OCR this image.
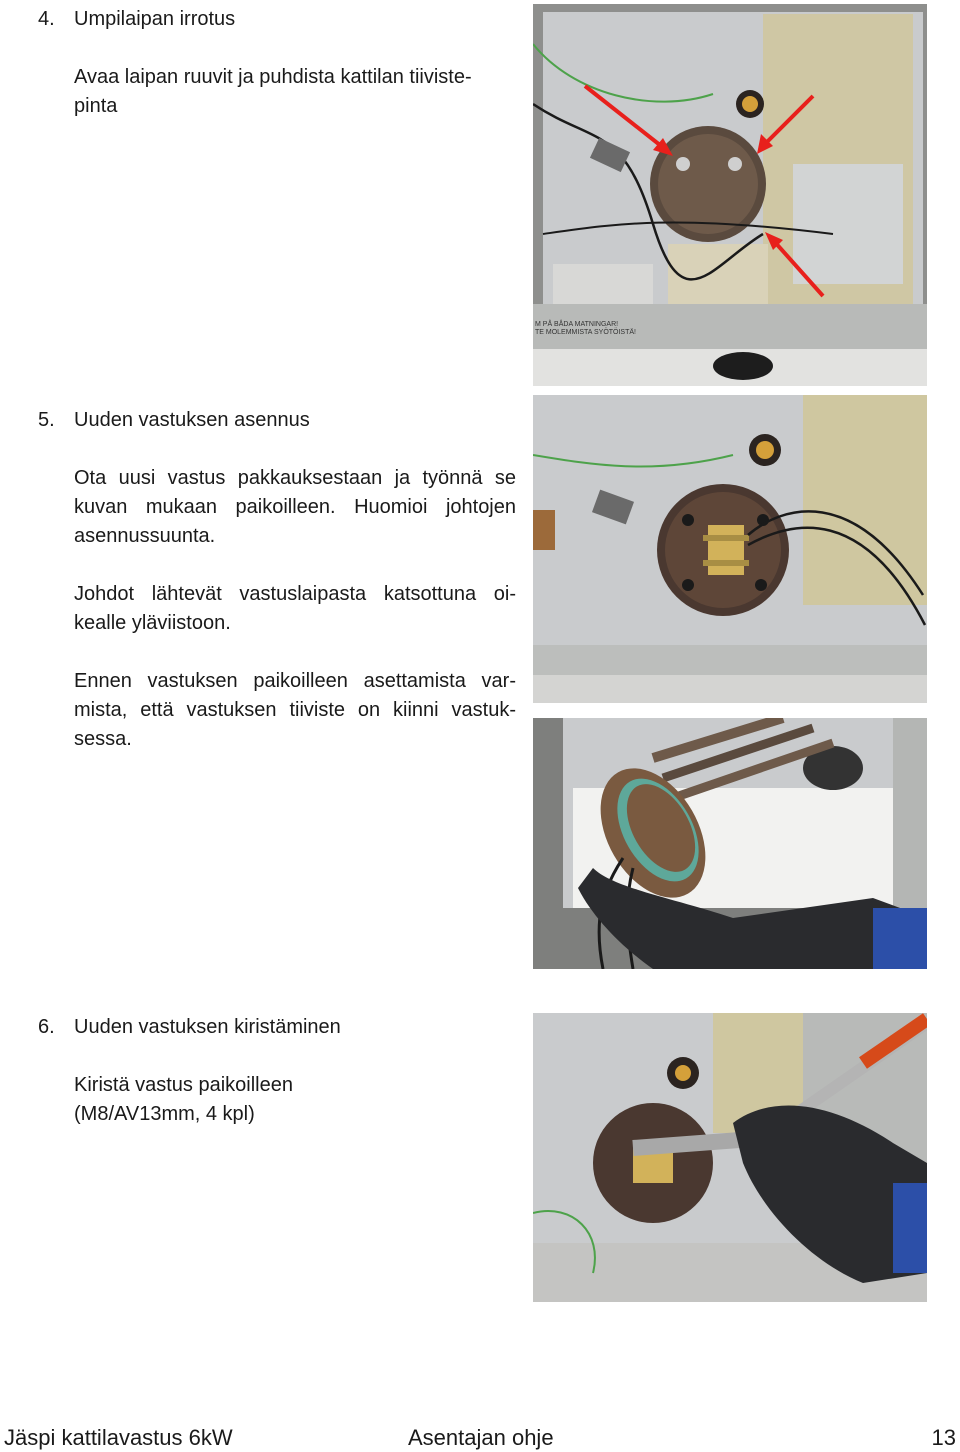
4. Umpilaipan irrotus
Avaa laipan ruuvit ja puhdista kattilan tiiviste-pinta
5. Uuden vastuksen asennus
Ota uusi vastus pakkauksestaan ja työnnä se kuvan mukaan paikoilleen. Huomioi johtojen asennussuunta.
Johdot lähtevät vastuslaipasta katsottuna oi-kealle yläviistoon.
Ennen vastuksen paikoilleen asettamista var-mista, että vastuksen tiiviste on kiinni vastuk-sessa.
6. Uuden vastuksen kiristäminen
Kiristä vastus paikoilleen (M8/AV13mm, 4 kpl)
M PÅ BÅDA MATNINGAR!
TE MOLEMMISTA SYÖTÖISTÄ!
Jäspi kattilavastus 6kW	Asentajan ohje	13
